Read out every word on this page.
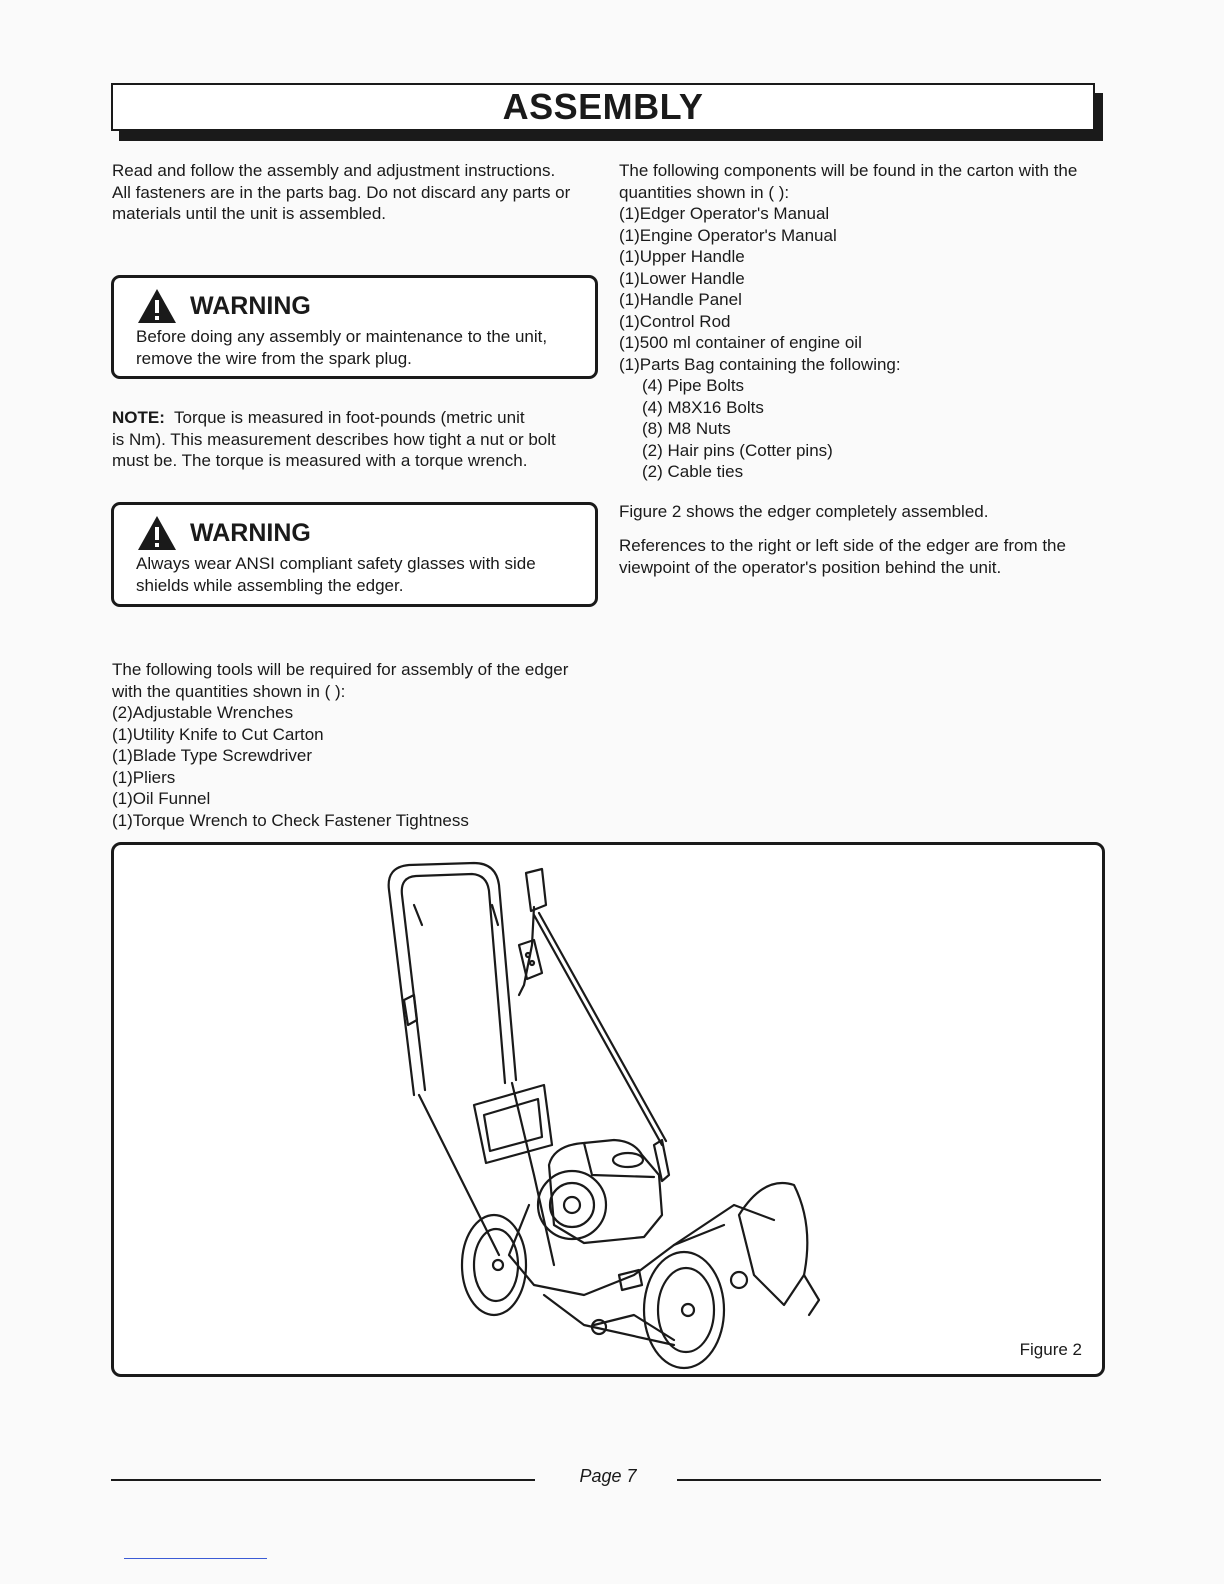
ASSEMBLY

Read and follow the assembly and adjustment instructions.

All fasteners are in the parts bag. Do not discard any parts or

materials until the unit is assembled.

WARNING

Before doing any assembly or maintenance to the unit,

remove the wire from the spark plug.

NOTE: Torque is measured in foot-pounds (metric unit

is Nm). This measurement describes how tight a nut or bolt

must be. The torque is measured with a torque wrench.

WARNING

Always wear ANSI compliant safety glasses with side

shields while assembling the edger.

The following tools will be required for assembly of the edger

with the quantities shown in ( ):

(2)Adjustable Wrenches

(1)Utility Knife to Cut Carton

(1)Blade Type Screwdriver

(1)Pliers

(1)Oil Funnel

(1)Torque Wrench to Check Fastener Tightness

The following components will be found in the carton with the

quantities shown in ( ):

(1)Edger Operator's Manual

(1)Engine Operator's Manual

(1)Upper Handle

(1)Lower Handle

(1)Handle Panel

(1)Control Rod

(1)500 ml container of engine oil

(1)Parts Bag containing the following:

(4) Pipe Bolts

(4) M8X16 Bolts

(8) M8 Nuts

(2) Hair pins (Cotter pins)

(2) Cable ties

Figure 2 shows the edger completely assembled.

References to the right or left side of the edger are from the

viewpoint of the operator's position behind the unit.

Figure 2
Page 7
